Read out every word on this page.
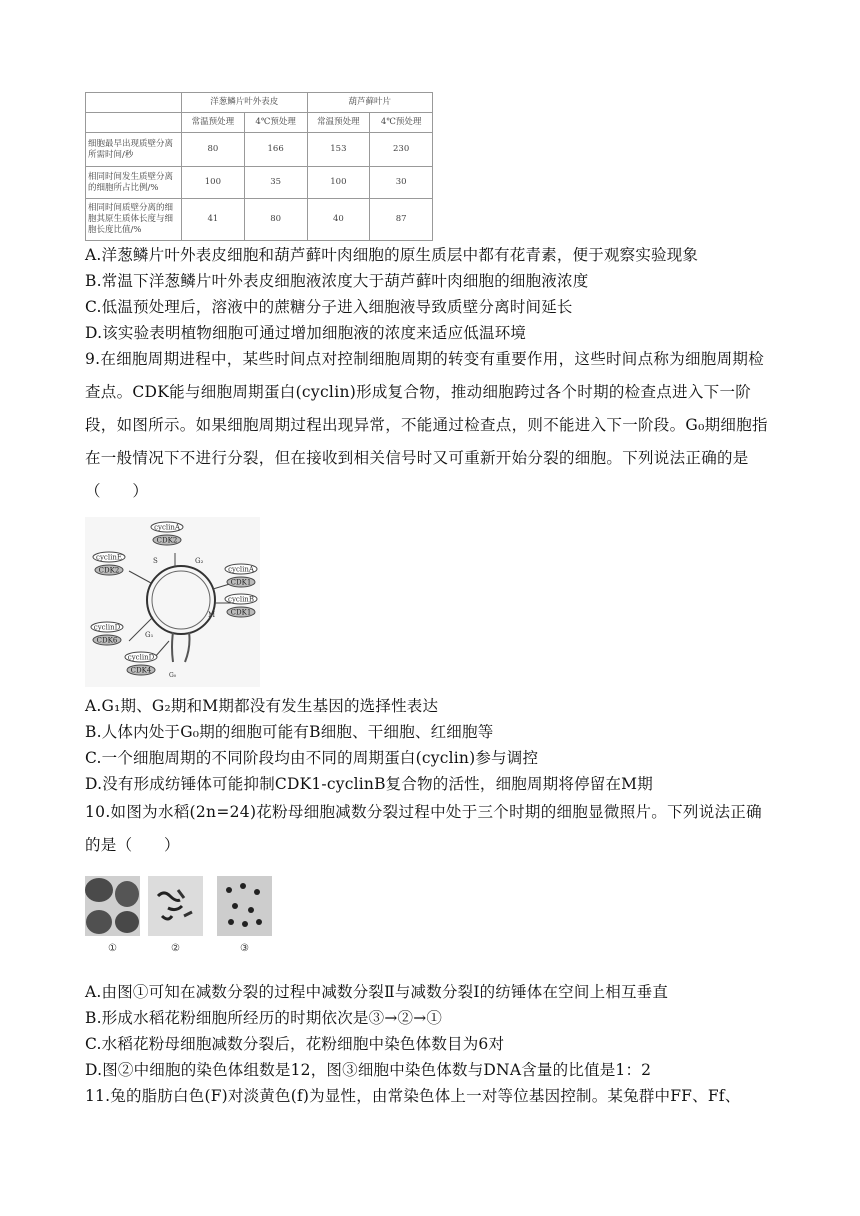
	洋葱鳞片叶外表皮		葫芦藓叶片	
	常温预处理	4℃预处理	常温预处理	4℃预处理
细胞最早出现质壁分离所需时间/秒	80	166	153	230
相同时间发生质壁分离的细胞所占比例/%	100	35	100	30
相同时间质壁分离的细胞其原生质体长度与细胞长度比值/%	41	80	40	87
A.洋葱鳞片叶外表皮细胞和葫芦藓叶肉细胞的原生质层中都有花青素，便于观察实验现象
B.常温下洋葱鳞片叶外表皮细胞液浓度大于葫芦藓叶肉细胞的细胞液浓度
C.低温预处理后，溶液中的蔗糖分子进入细胞液导致质壁分离时间延长
D.该实验表明植物细胞可通过增加细胞液的浓度来适应低温环境
9.在细胞周期进程中，某些时间点对控制细胞周期的转变有重要作用，这些时间点称为细胞周期检查点。CDK能与细胞周期蛋白(cyclin)形成复合物，推动细胞跨过各个时期的检查点进入下一阶段，如图所示。如果细胞周期过程出现异常，不能通过检查点，则不能进入下一阶段。G₀期细胞指在一般情况下不进行分裂，但在接收到相关信号时又可重新开始分裂的细胞。下列说法正确的是（　　）
S	G₂
M
G₁
G₀
cyclinA
CDK2
cyclinE
CDK2	cyclinA
CDK1
cyclinB
CDK1
cyclinD
CDK6
cyclinD
CDK4
A.G₁期、G₂期和M期都没有发生基因的选择性表达
B.人体内处于G₀期的细胞可能有B细胞、干细胞、红细胞等
C.一个细胞周期的不同阶段均由不同的周期蛋白(cyclin)参与调控
D.没有形成纺锤体可能抑制CDK1-cyclinB复合物的活性，细胞周期将停留在M期
10.如图为水稻(2n=24)花粉母细胞减数分裂过程中处于三个时期的细胞显微照片。下列说法正确的是（　　）
①	②	③
A.由图①可知在减数分裂的过程中减数分裂Ⅱ与减数分裂Ⅰ的纺锤体在空间上相互垂直
B.形成水稻花粉细胞所经历的时期依次是③→②→①
C.水稻花粉母细胞减数分裂后，花粉细胞中染色体数目为6对
D.图②中细胞的染色体组数是12，图③细胞中染色体数与DNA含量的比值是1：2
11.兔的脂肪白色(F)对淡黄色(f)为显性，由常染色体上一对等位基因控制。某兔群中FF、Ff、
